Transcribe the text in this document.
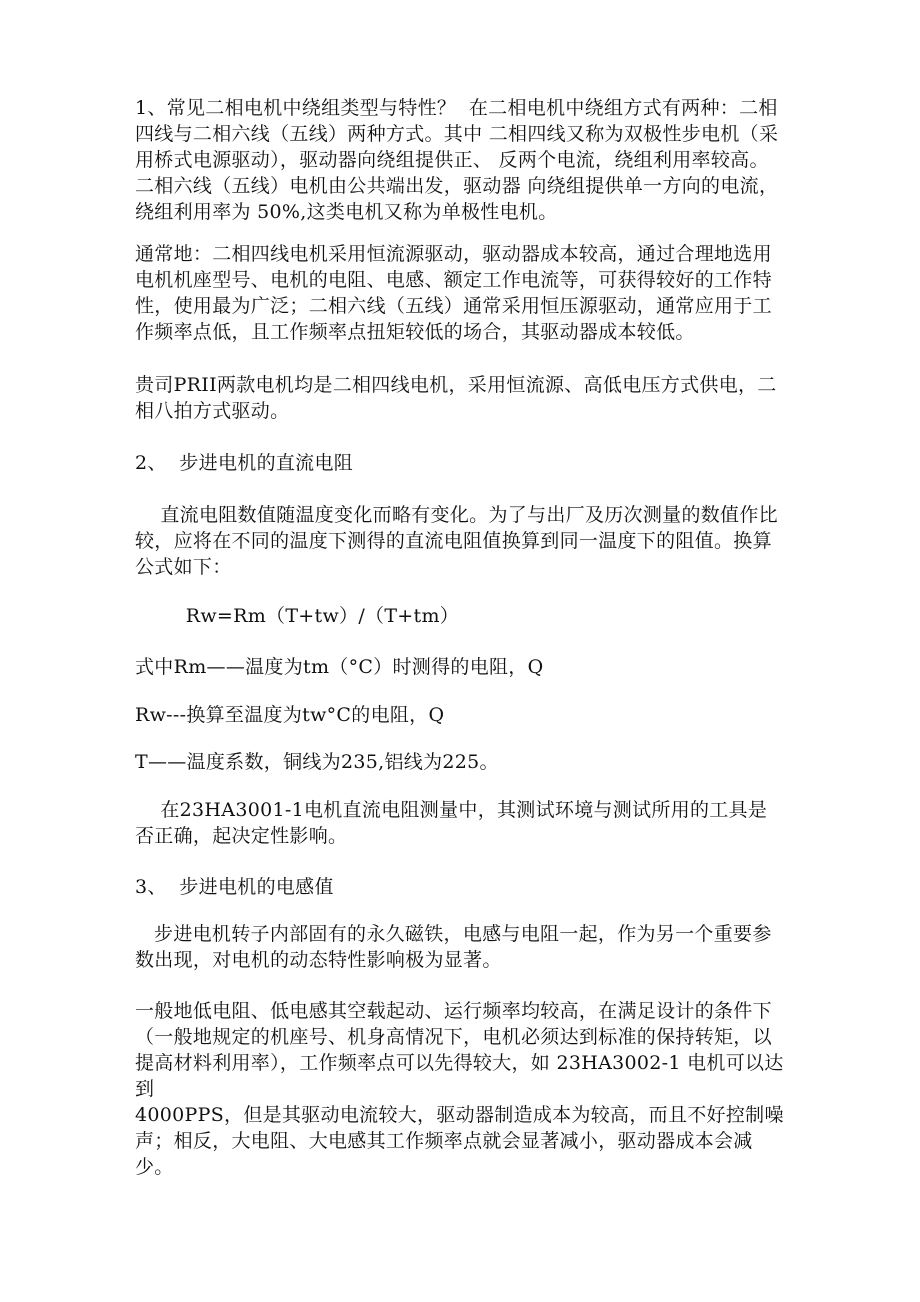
1、常见二相电机中绕组类型与特性？  在二相电机中绕组方式有两种：二相四线与二相六线（五线）两种方式。其中 二相四线又称为双极性步电机（采用桥式电源驱动），驱动器向绕组提供正、 反两个电流，绕组利用率较高。二相六线（五线）电机由公共端出发，驱动器 向绕组提供单一方向的电流，绕组利用率为 50%,这类电机又称为单极性电机。
通常地：二相四线电机采用恒流源驱动，驱动器成本较高，通过合理地选用电机机座型号、电机的电阻、电感、额定工作电流等，可获得较好的工作特性，使用最为广泛；二相六线（五线）通常采用恒压源驱动，通常应用于工作频率点低，且工作频率点扭矩较低的场合，其驱动器成本较低。
贵司PRII两款电机均是二相四线电机，采用恒流源、高低电压方式供电，二相八拍方式驱动。
2、  步进电机的直流电阻
直流电阻数值随温度变化而略有变化。为了与出厂及历次测量的数值作比较，应将在不同的温度下测得的直流电阻值换算到同一温度下的阻值。换算公式如下：
Rw=Rm（T+tw）/（T+tm）
式中Rm——温度为tm（°C）时测得的电阻，Q
Rw---换算至温度为tw°C的电阻，Q
T——温度系数，铜线为235,铝线为225。
在23HA3001-1电机直流电阻测量中，其测试环境与测试所用的工具是否正确，起决定性影响。
3、  步进电机的电感值
步进电机转子内部固有的永久磁铁，电感与电阻一起，作为另一个重要参数出现，对电机的动态特性影响极为显著。
一般地低电阻、低电感其空载起动、运行频率均较高，在满足设计的条件下（一般地规定的机座号、机身高情况下，电机必须达到标准的保持转矩，以提高材料利用率），工作频率点可以先得较大，如 23HA3002-1 电机可以达到
4000PPS，但是其驱动电流较大，驱动器制造成本为较高，而且不好控制噪声；相反，大电阻、大电感其工作频率点就会显著减小，驱动器成本会减少。
